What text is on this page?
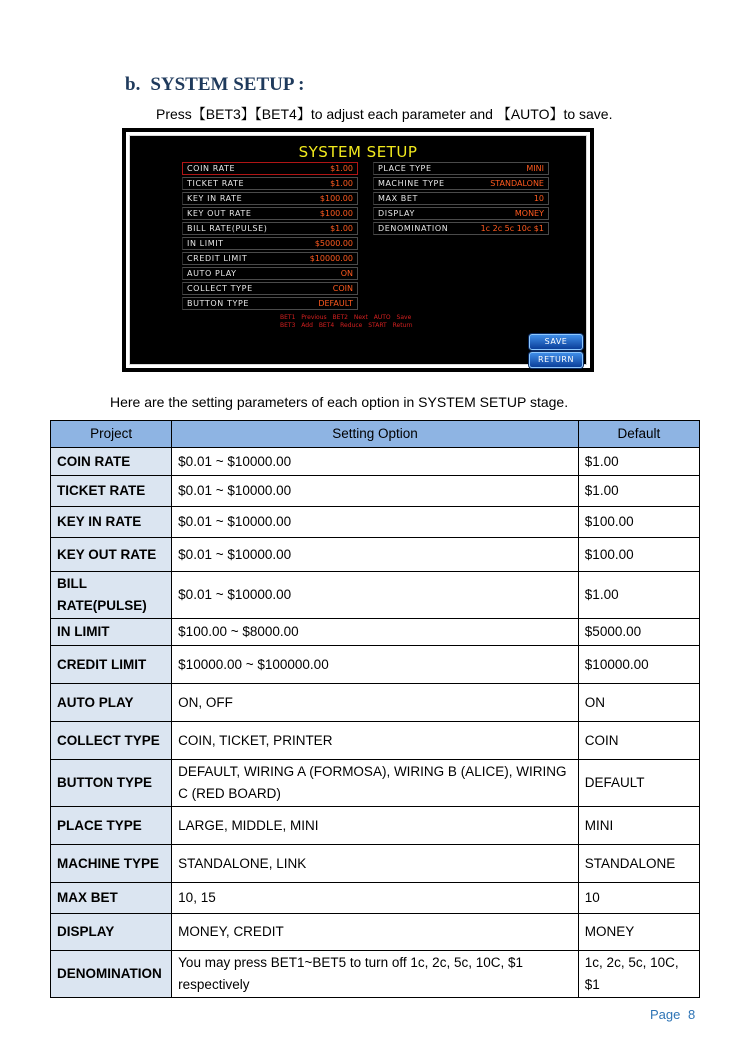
b. SYSTEM SETUP :

Press【BET3】【BET4】to adjust each parameter and 【AUTO】to save.

SYSTEM SETUP
COIN RATE	$1.00
TICKET RATE	$1.00
KEY IN RATE	$100.00
KEY OUT RATE	$100.00
BILL RATE(PULSE)	$1.00
IN LIMIT	$5000.00
CREDIT LIMIT	$10000.00
AUTO PLAY	ON
COLLECT TYPE	COIN
BUTTON TYPE	DEFAULT
PLACE TYPE	MINI
MACHINE TYPE	STANDALONE
MAX BET	10
DISPLAY	MONEY
DENOMINATION	1c 2c 5c 10c $1
BET1 Previous BET2 Next AUTO Save
BET3 Add BET4 Reduce START Return
SAVE
RETURN

Here are the setting parameters of each option in SYSTEM SETUP stage.

Project	Setting Option	Default
COIN RATE	$0.01 ~ $10000.00	$1.00
TICKET RATE	$0.01 ~ $10000.00	$1.00
KEY IN RATE	$0.01 ~ $10000.00	$100.00
KEY OUT RATE	$0.01 ~ $10000.00	$100.00
BILL RATE(PULSE)	$0.01 ~ $10000.00	$1.00
IN LIMIT	$100.00 ~ $8000.00	$5000.00
CREDIT LIMIT	$10000.00 ~ $100000.00	$10000.00
AUTO PLAY	ON, OFF	ON
COLLECT TYPE	COIN, TICKET, PRINTER	COIN
BUTTON TYPE	DEFAULT, WIRING A (FORMOSA), WIRING B (ALICE), WIRING C (RED BOARD)	DEFAULT
PLACE TYPE	LARGE, MIDDLE, MINI	MINI
MACHINE TYPE	STANDALONE, LINK	STANDALONE
MAX BET	10, 15	10
DISPLAY	MONEY, CREDIT	MONEY
DENOMINATION	You may press BET1~BET5 to turn off 1c, 2c, 5c, 10C, $1 respectively	1c, 2c, 5c, 10C, $1

Page 8
